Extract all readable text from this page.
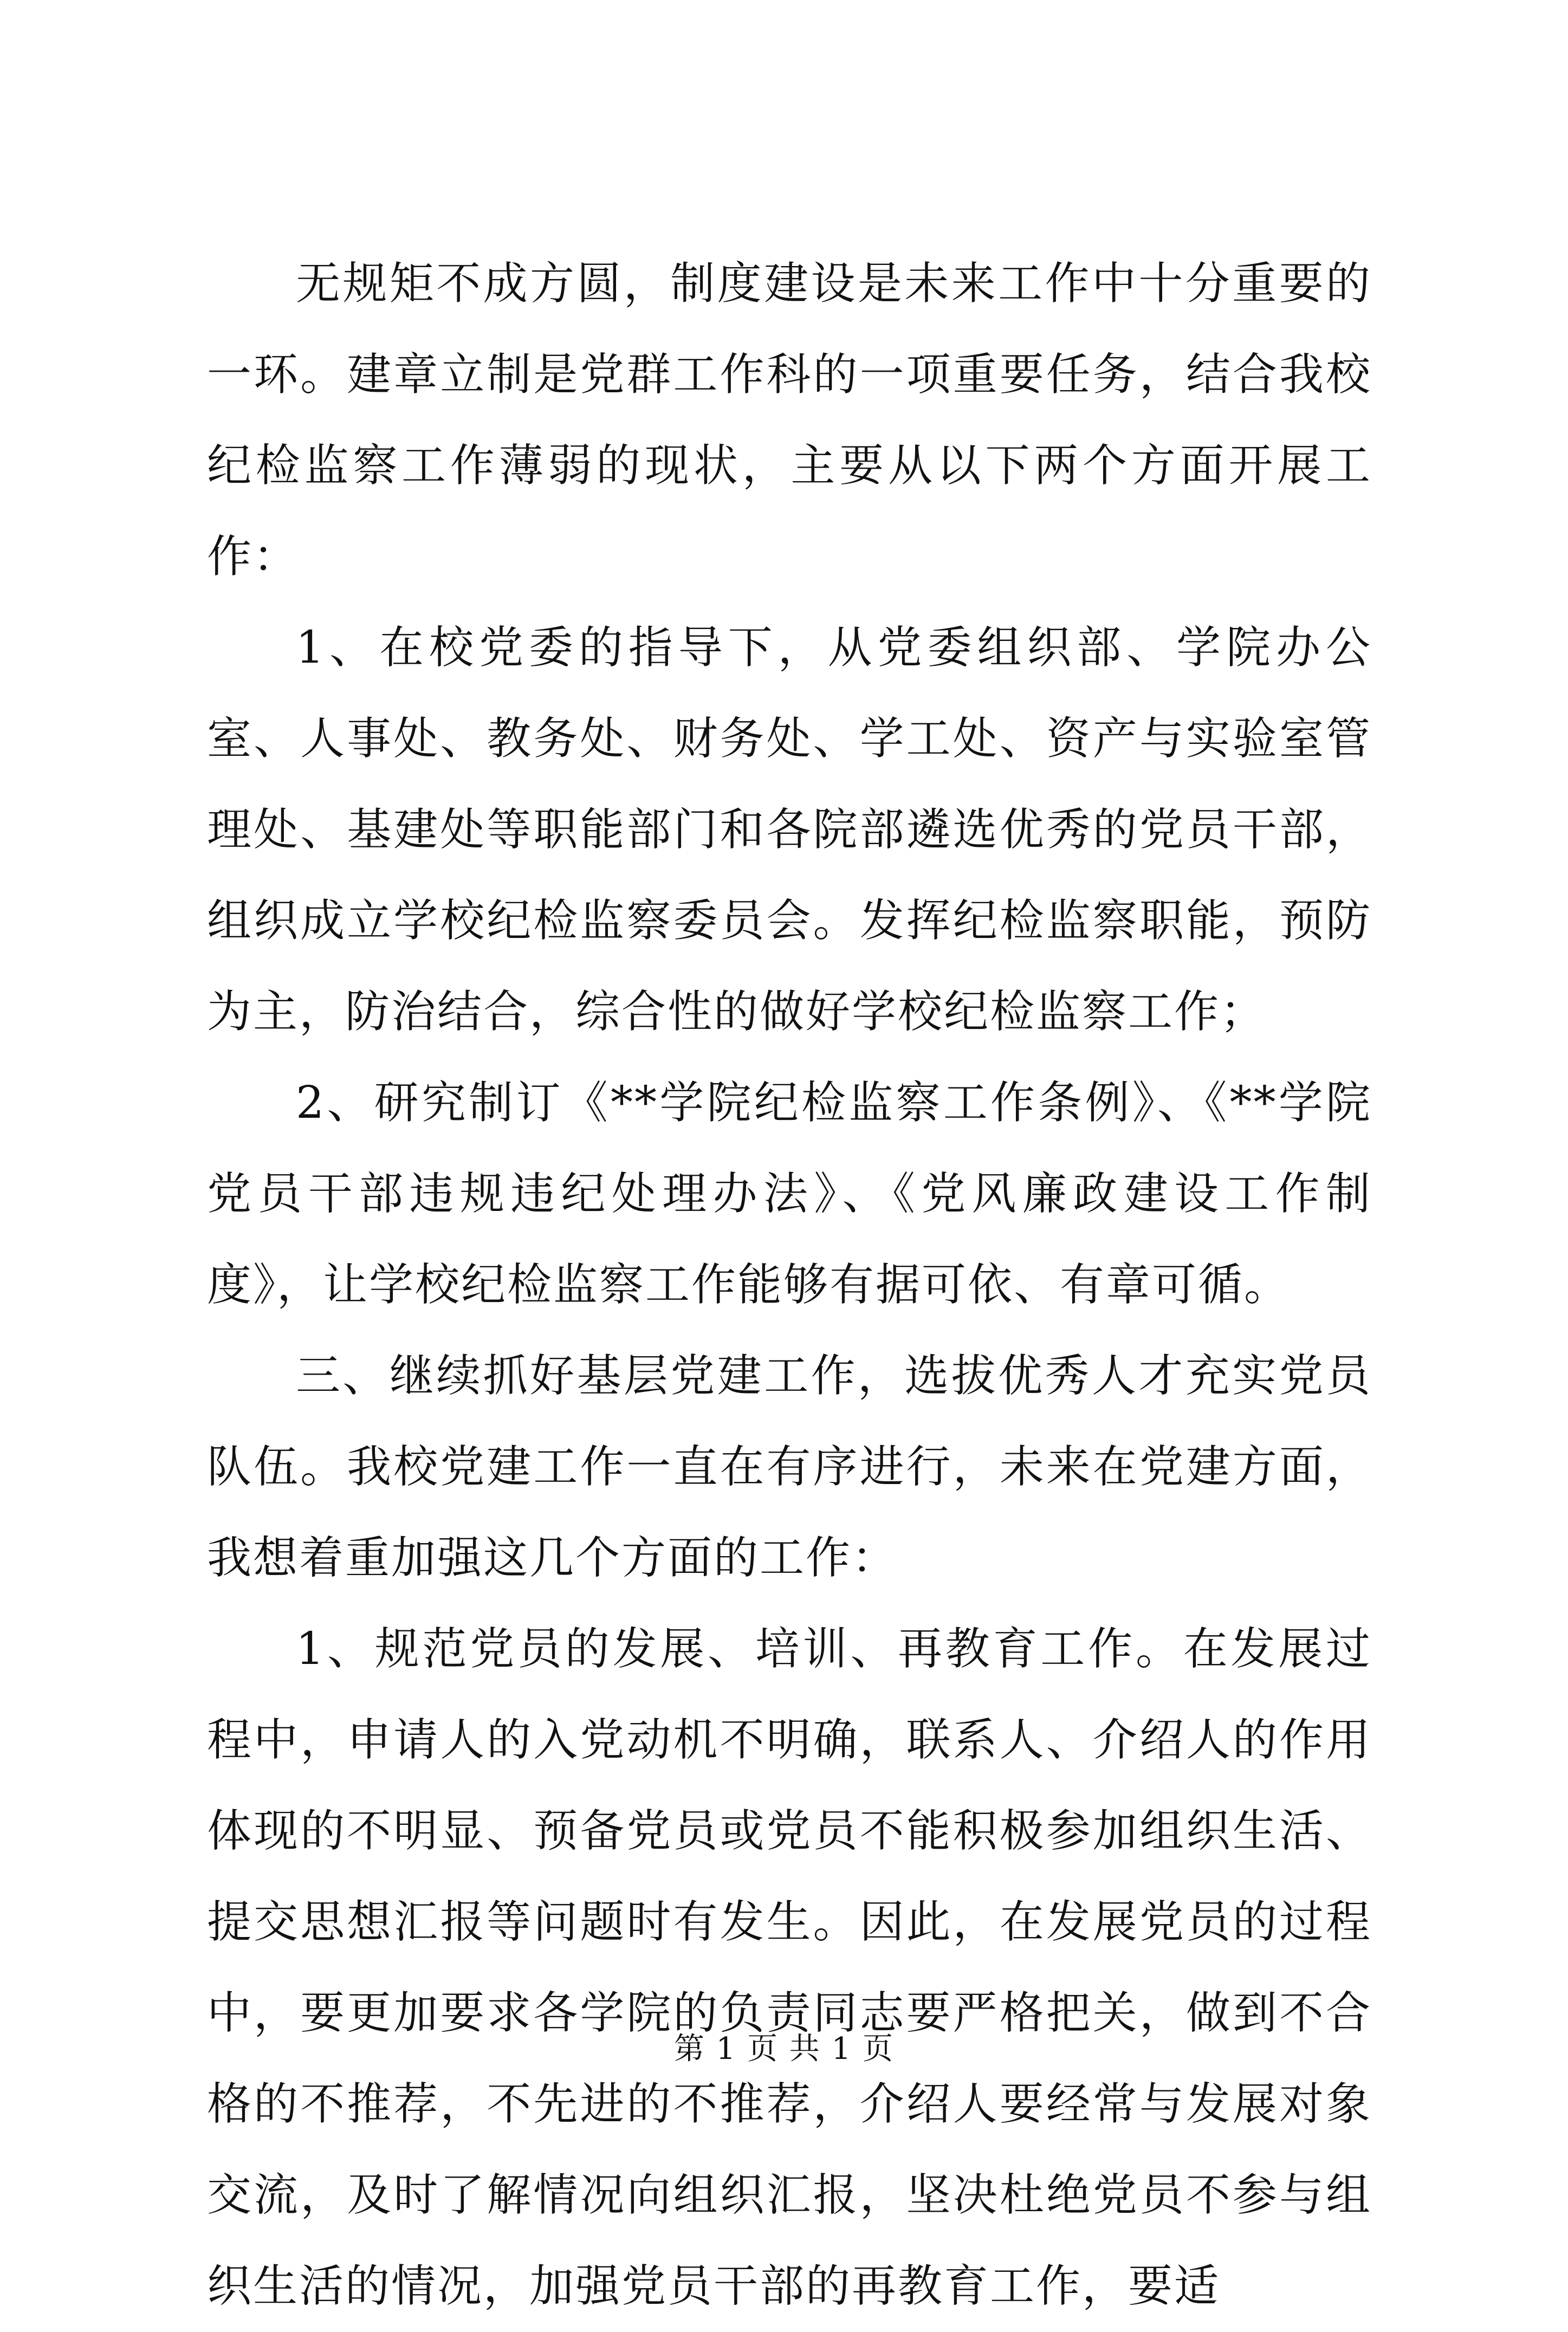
无规矩不成方圆，制度建设是未来工作中十分重要的一环。建章立制是党群工作科的一项重要任务，结合我校纪检监察工作薄弱的现状，主要从以下两个方面开展工作：

1、在校党委的指导下，从党委组织部、学院办公室、人事处、教务处、财务处、学工处、资产与实验室管理处、基建处等职能部门和各院部遴选优秀的党员干部，组织成立学校纪检监察委员会。发挥纪检监察职能，预防为主，防治结合，综合性的做好学校纪检监察工作；

2、研究制订《**学院纪检监察工作条例》、《**学院党员干部违规违纪处理办法》、《党风廉政建设工作制度》，让学校纪检监察工作能够有据可依、有章可循。

三、继续抓好基层党建工作，选拔优秀人才充实党员队伍。我校党建工作一直在有序进行，未来在党建方面，我想着重加强这几个方面的工作：

1、规范党员的发展、培训、再教育工作。在发展过程中，申请人的入党动机不明确，联系人、介绍人的作用体现的不明显、预备党员或党员不能积极参加组织生活、提交思想汇报等问题时有发生。因此，在发展党员的过程中，要更加要求各学院的负责同志要严格把关，做到不合格的不推荐，不先进的不推荐，介绍人要经常与发展对象交流，及时了解情况向组织汇报，坚决杜绝党员不参与组织生活的情况，加强党员干部的再教育工作，要适

第 1 页 共 1 页
